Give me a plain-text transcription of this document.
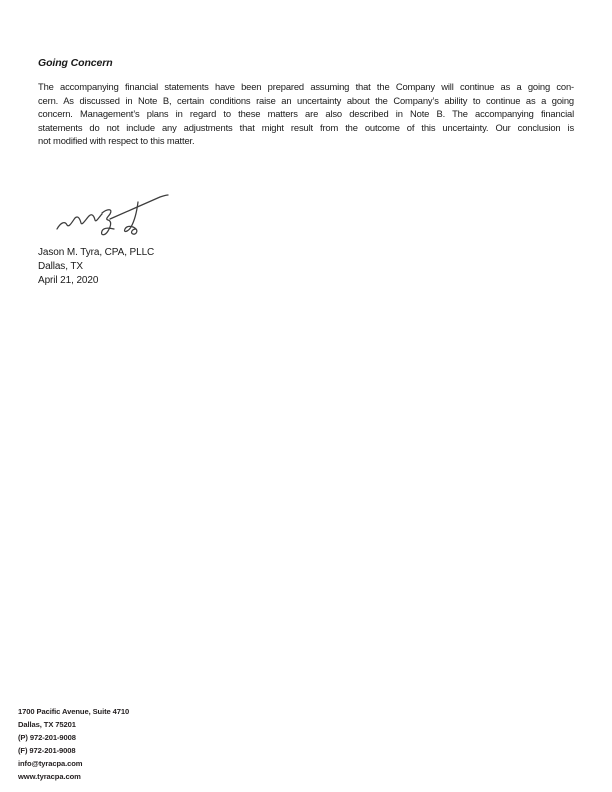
Going Concern
The accompanying financial statements have been prepared assuming that the Company will continue as a going con-
cern. As discussed in Note B, certain conditions raise an uncertainty about the Company’s ability to continue as a going
concern. Management’s plans in regard to these matters are also described in Note B. The accompanying financial
statements do not include any adjustments that might result from the outcome of this uncertainty. Our conclusion is
not modified with respect to this matter.
Jason M. Tyra, CPA, PLLC
Dallas, TX
April 21, 2020
1700 Pacific Avenue, Suite 4710
Dallas, TX 75201
(P) 972-201-9008
(F) 972-201-9008
info@tyracpa.com
www.tyracpa.com
